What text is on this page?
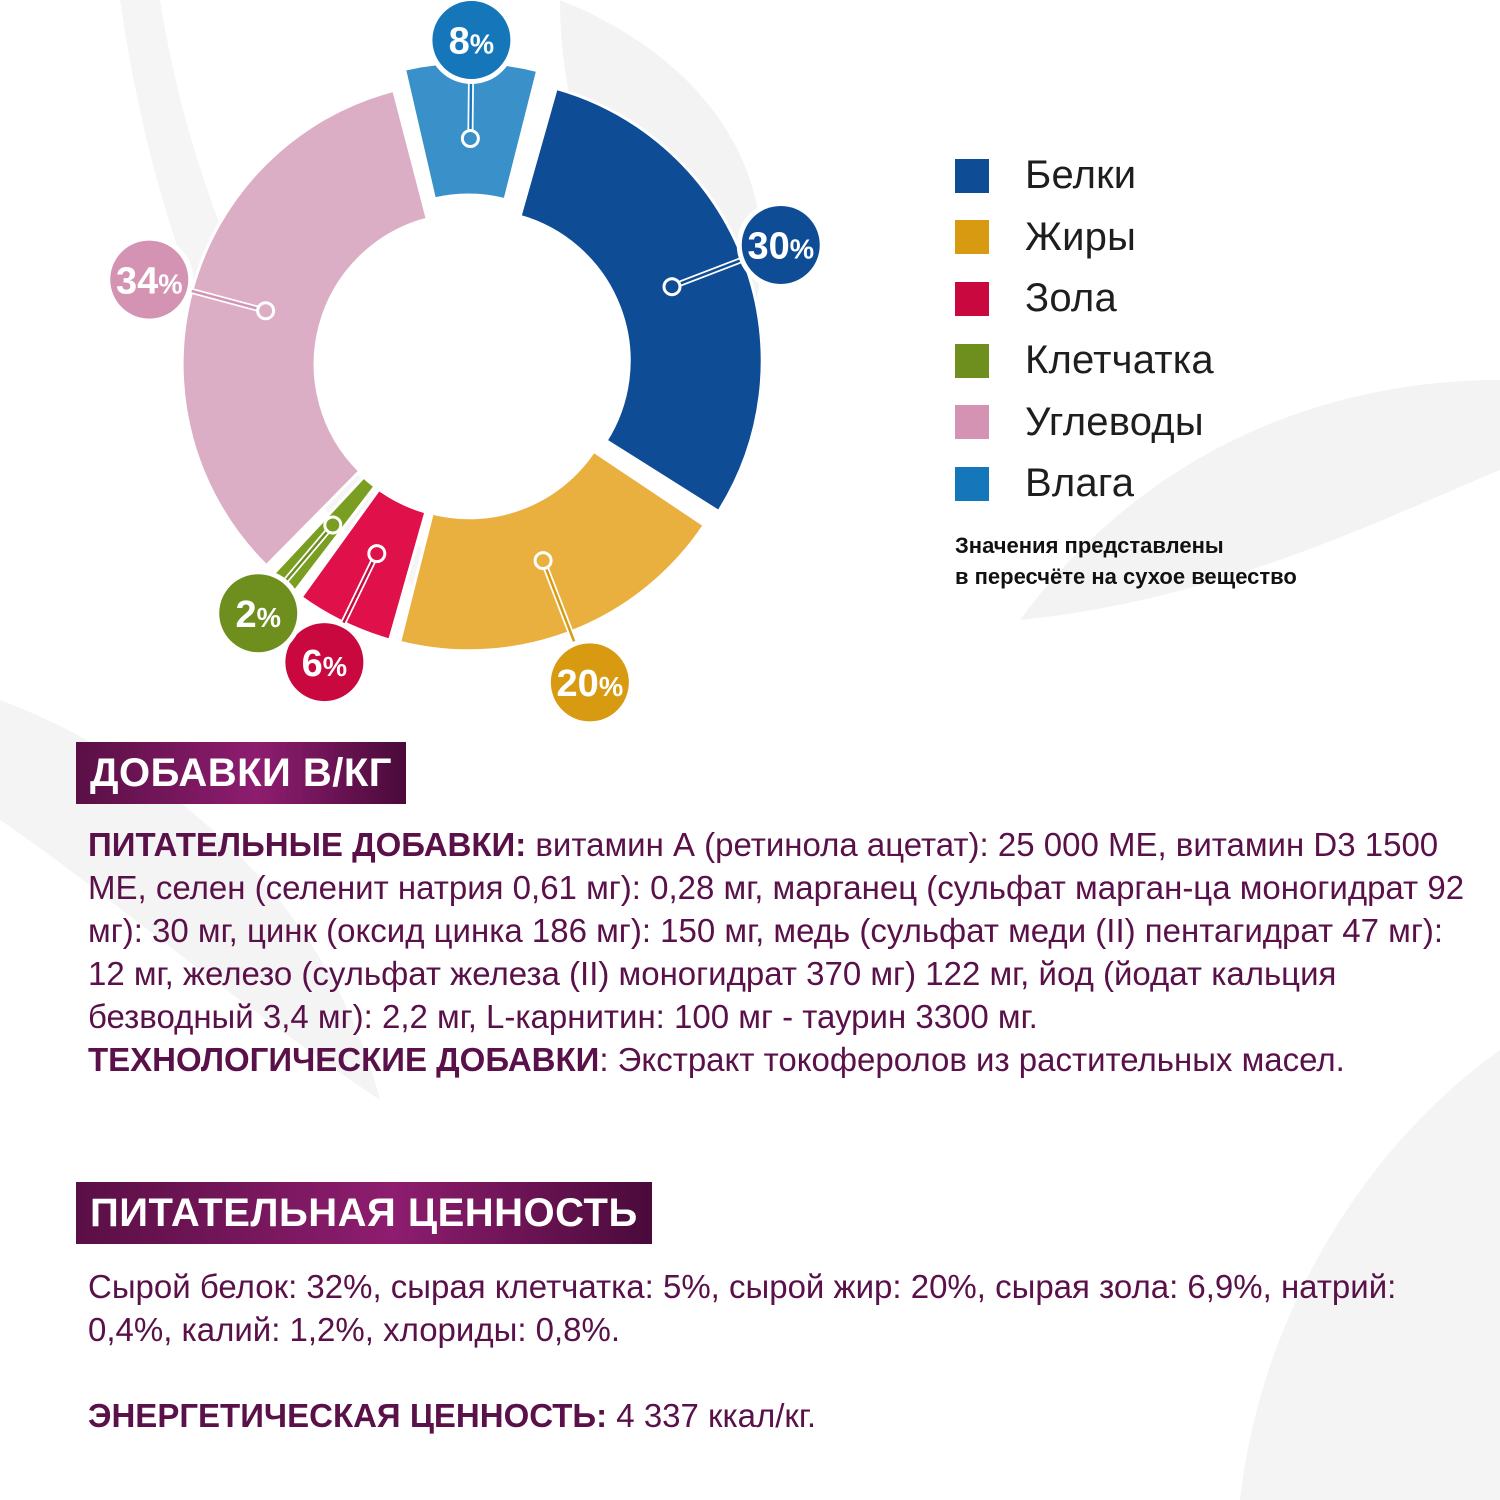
30%
20%
6%
2%
34%
8%
Белки
Жиры
Зола
Клетчатка
Углеводы
Влага
Значения представлены
в пересчёте на сухое вещество
ДОБАВКИ В/КГ

ПИТАТЕЛЬНЫЕ ДОБАВКИ: витамин А (ретинола ацетат): 25 000 МЕ, витамин D3 1500 МЕ, селен (селенит натрия 0,61 мг): 0,28 мг, марганец (сульфат марган-ца моногидрат 92 мг): 30 мг, цинк (оксид цинка 186 мг): 150 мг, медь (сульфат меди (II) пентагидрат 47 мг): 12 мг, железо (сульфат железа (II) моногидрат 370 мг) 122 мг, йод (йодат кальция безводный 3,4 мг): 2,2 мг, L-карнитин: 100 мг - таурин 3300 мг.

ТЕХНОЛОГИЧЕСКИЕ ДОБАВКИ: Экстракт токоферолов из растительных масел.

ПИТАТЕЛЬНАЯ ЦЕННОСТЬ

Сырой белок: 32%, сырая клетчатка: 5%, сырой жир: 20%, сырая зола: 6,9%, натрий: 0,4%, калий: 1,2%, хлориды: 0,8%.

ЭНЕРГЕТИЧЕСКАЯ ЦЕННОСТЬ: 4 337 ккал/кг.
